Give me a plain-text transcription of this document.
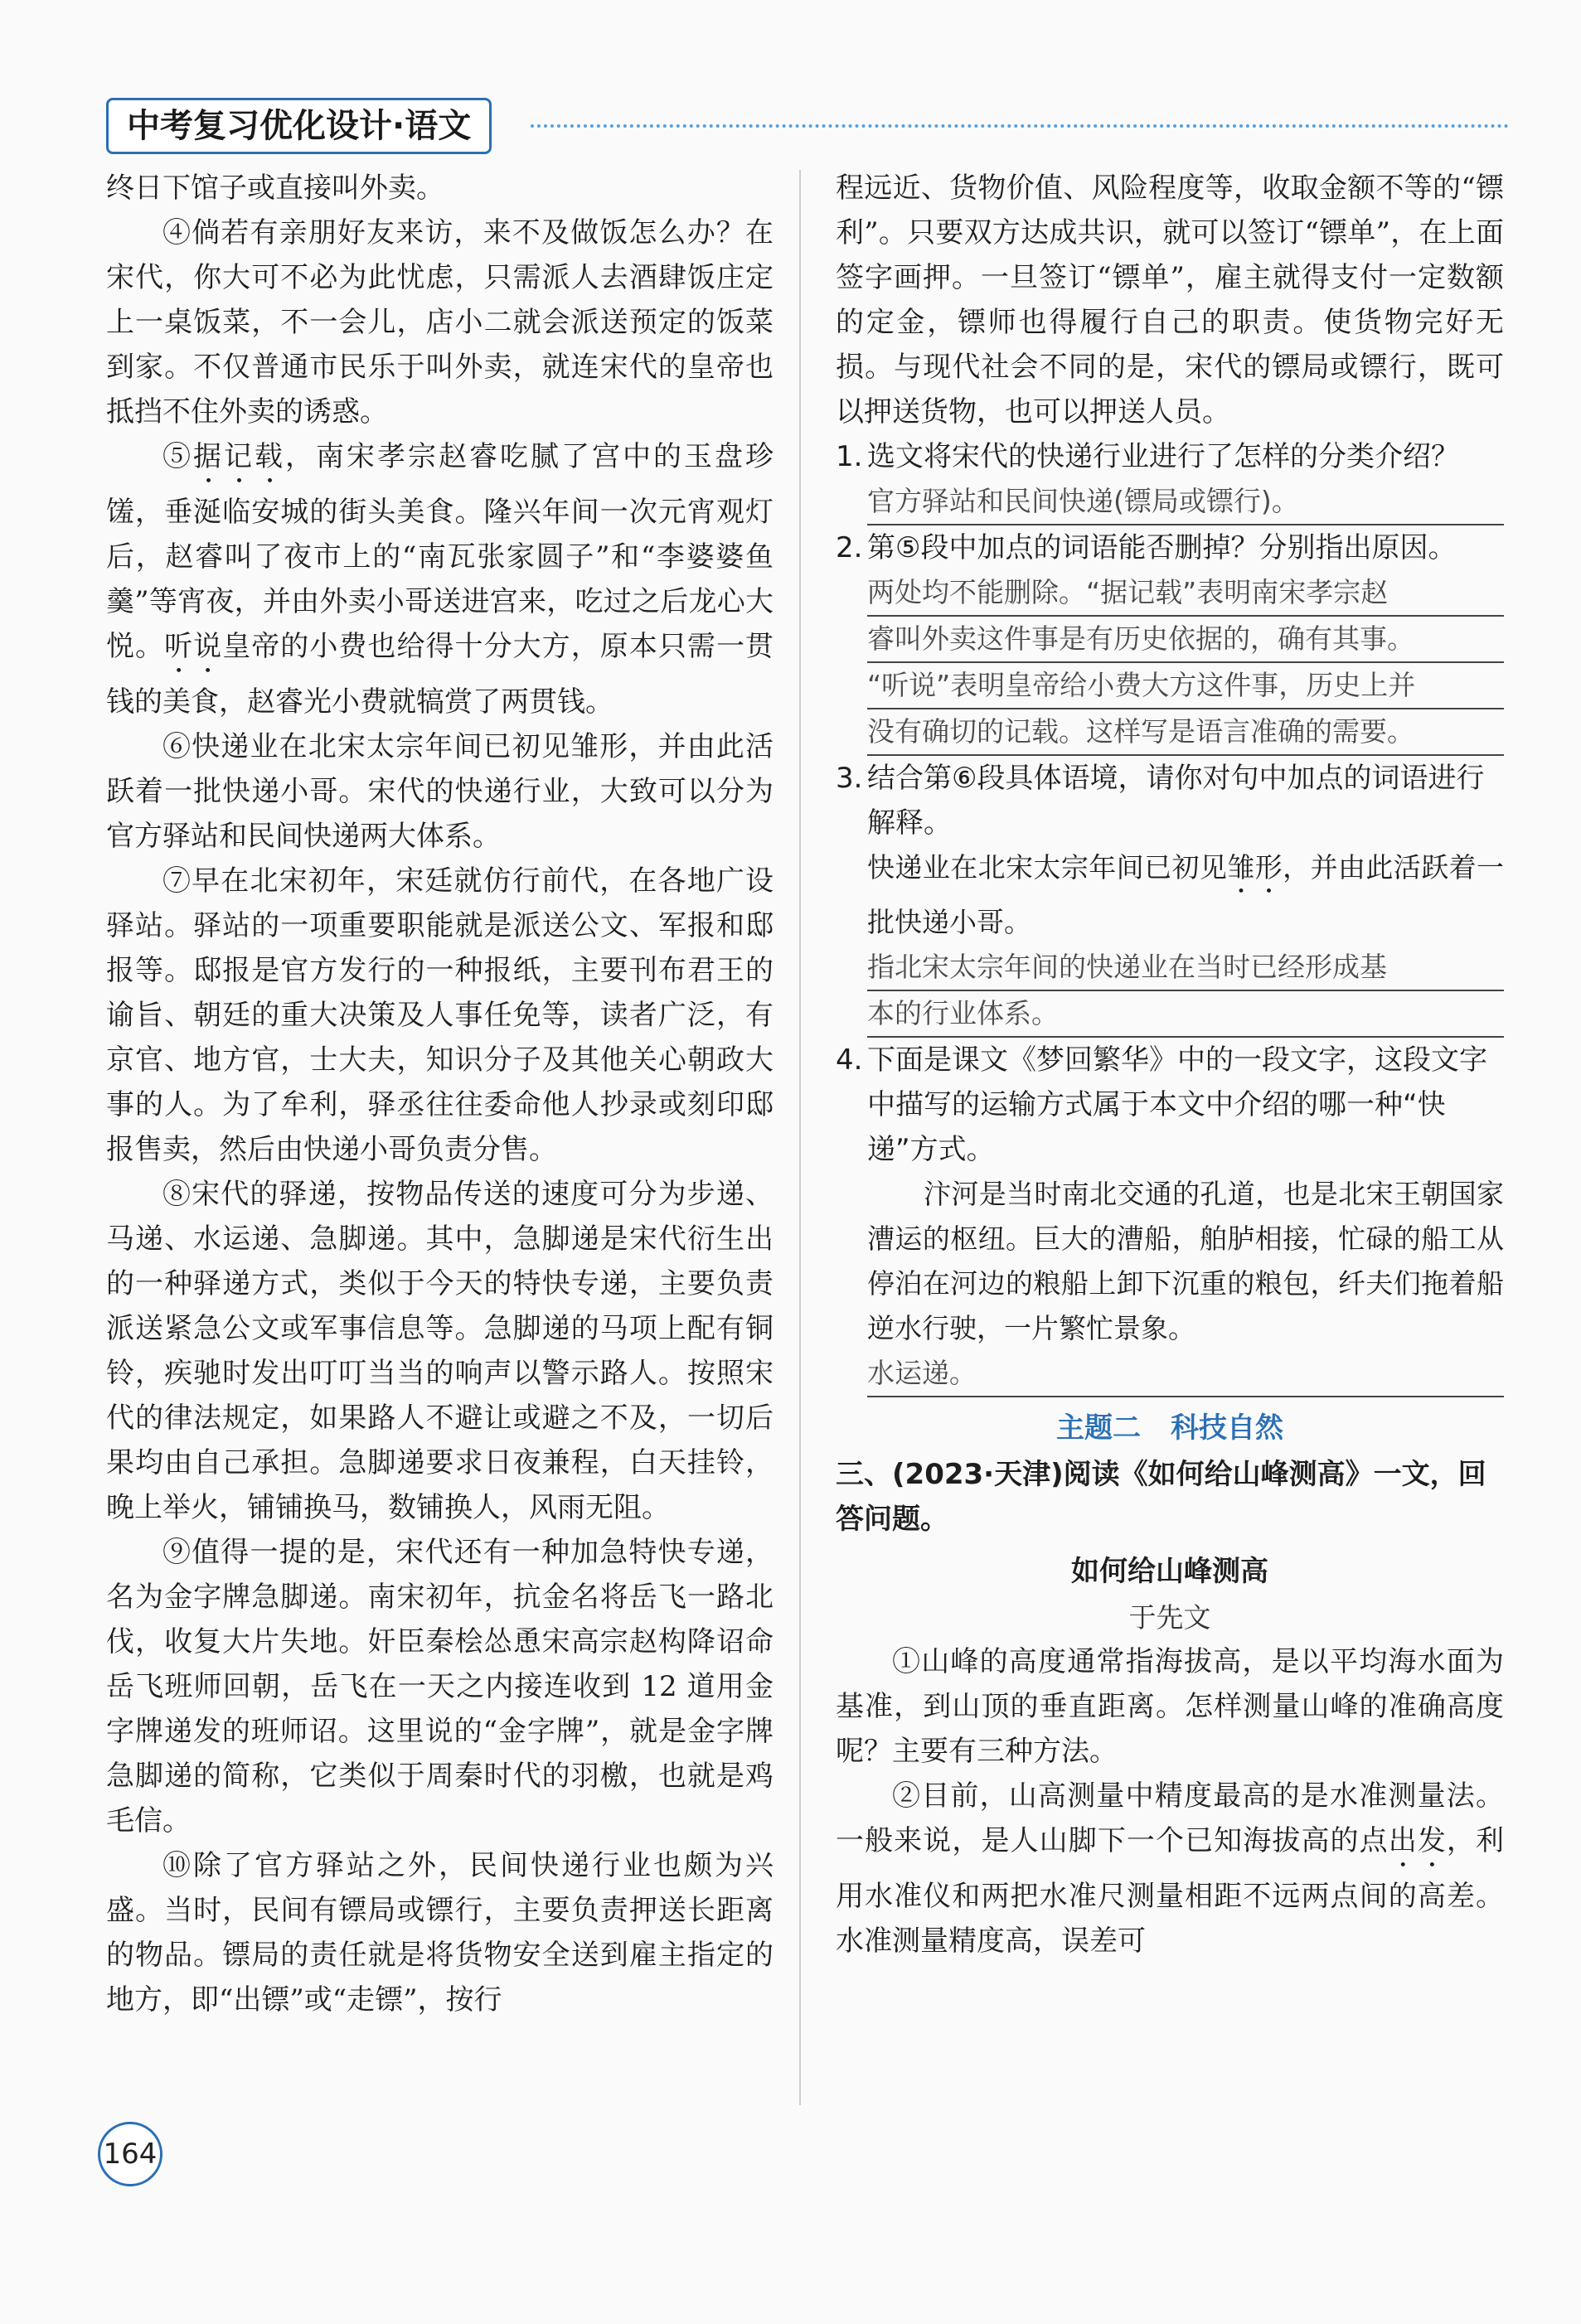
中考复习优化设计·语文

终日下馆子或直接叫外卖。

④倘若有亲朋好友来访，来不及做饭怎么办？在宋代，你大可不必为此忧虑，只需派人去酒肆饭庄定上一桌饭菜，不一会儿，店小二就会派送预定的饭菜到家。不仅普通市民乐于叫外卖，就连宋代的皇帝也抵挡不住外卖的诱惑。

⑤据记载，南宋孝宗赵睿吃腻了宫中的玉盘珍馐，垂涎临安城的街头美食。隆兴年间一次元宵观灯后，赵睿叫了夜市上的“南瓦张家圆子”和“李婆婆鱼羹”等宵夜，并由外卖小哥送进宫来，吃过之后龙心大悦。听说皇帝的小费也给得十分大方，原本只需一贯钱的美食，赵睿光小费就犒赏了两贯钱。

⑥快递业在北宋太宗年间已初见雏形，并由此活跃着一批快递小哥。宋代的快递行业，大致可以分为官方驿站和民间快递两大体系。

⑦早在北宋初年，宋廷就仿行前代，在各地广设驿站。驿站的一项重要职能就是派送公文、军报和邸报等。邸报是官方发行的一种报纸，主要刊布君王的谕旨、朝廷的重大决策及人事任免等，读者广泛，有京官、地方官，士大夫，知识分子及其他关心朝政大事的人。为了牟利，驿丞往往委命他人抄录或刻印邸报售卖，然后由快递小哥负责分售。

⑧宋代的驿递，按物品传送的速度可分为步递、马递、水运递、急脚递。其中，急脚递是宋代衍生出的一种驿递方式，类似于今天的特快专递，主要负责派送紧急公文或军事信息等。急脚递的马项上配有铜铃，疾驰时发出叮叮当当的响声以警示路人。按照宋代的律法规定，如果路人不避让或避之不及，一切后果均由自己承担。急脚递要求日夜兼程，白天挂铃，晚上举火，铺铺换马，数铺换人，风雨无阻。

⑨值得一提的是，宋代还有一种加急特快专递，名为金字牌急脚递。南宋初年，抗金名将岳飞一路北伐，收复大片失地。奸臣秦桧怂恿宋高宗赵构降诏命岳飞班师回朝，岳飞在一天之内接连收到 12 道用金字牌递发的班师诏。这里说的“金字牌”，就是金字牌急脚递的简称，它类似于周秦时代的羽檄，也就是鸡毛信。

⑩除了官方驿站之外，民间快递行业也颇为兴盛。当时，民间有镖局或镖行，主要负责押送长距离的物品。镖局的责任就是将货物安全送到雇主指定的地方，即“出镖”或“走镖”，按行

程远近、货物价值、风险程度等，收取金额不等的“镖利”。只要双方达成共识，就可以签订“镖单”，在上面签字画押。一旦签订“镖单”，雇主就得支付一定数额的定金，镖师也得履行自己的职责。使货物完好无损。与现代社会不同的是，宋代的镖局或镖行，既可以押送货物，也可以押送人员。

1. 选文将宋代的快递行业进行了怎样的分类介绍？
官方驿站和民间快递(镖局或镖行)。
2. 第⑤段中加点的词语能否删掉？分别指出原因。
两处均不能删除。“据记载”表明南宋孝宗赵
睿叫外卖这件事是有历史依据的，确有其事。
“听说”表明皇帝给小费大方这件事，历史上并
没有确切的记载。这样写是语言准确的需要。
3. 结合第⑥段具体语境，请你对句中加点的词语进行解释。

快递业在北宋太宗年间已初见雏形，并由此活跃着一批快递小哥。

指北宋太宗年间的快递业在当时已经形成基
本的行业体系。
4. 下面是课文《梦回繁华》中的一段文字，这段文字中描写的运输方式属于本文中介绍的哪一种“快递”方式。

汴河是当时南北交通的孔道，也是北宋王朝国家漕运的枢纽。巨大的漕船，舶胪相接，忙碌的船工从停泊在河边的粮船上卸下沉重的粮包，纤夫们拖着船逆水行驶，一片繁忙景象。

水运递。
主题二 科技自然

三、(2023·天津)阅读《如何给山峰测高》一文，回答问题。

如何给山峰测高

于先文

①山峰的高度通常指海拔高，是以平均海水面为基准，到山顶的垂直距离。怎样测量山峰的准确高度呢？主要有三种方法。

②目前，山高测量中精度最高的是水准测量法。一般来说，是人山脚下一个已知海拔高的点出发，利用水准仪和两把水准尺测量相距不远两点间的高差。水准测量精度高，误差可

164
